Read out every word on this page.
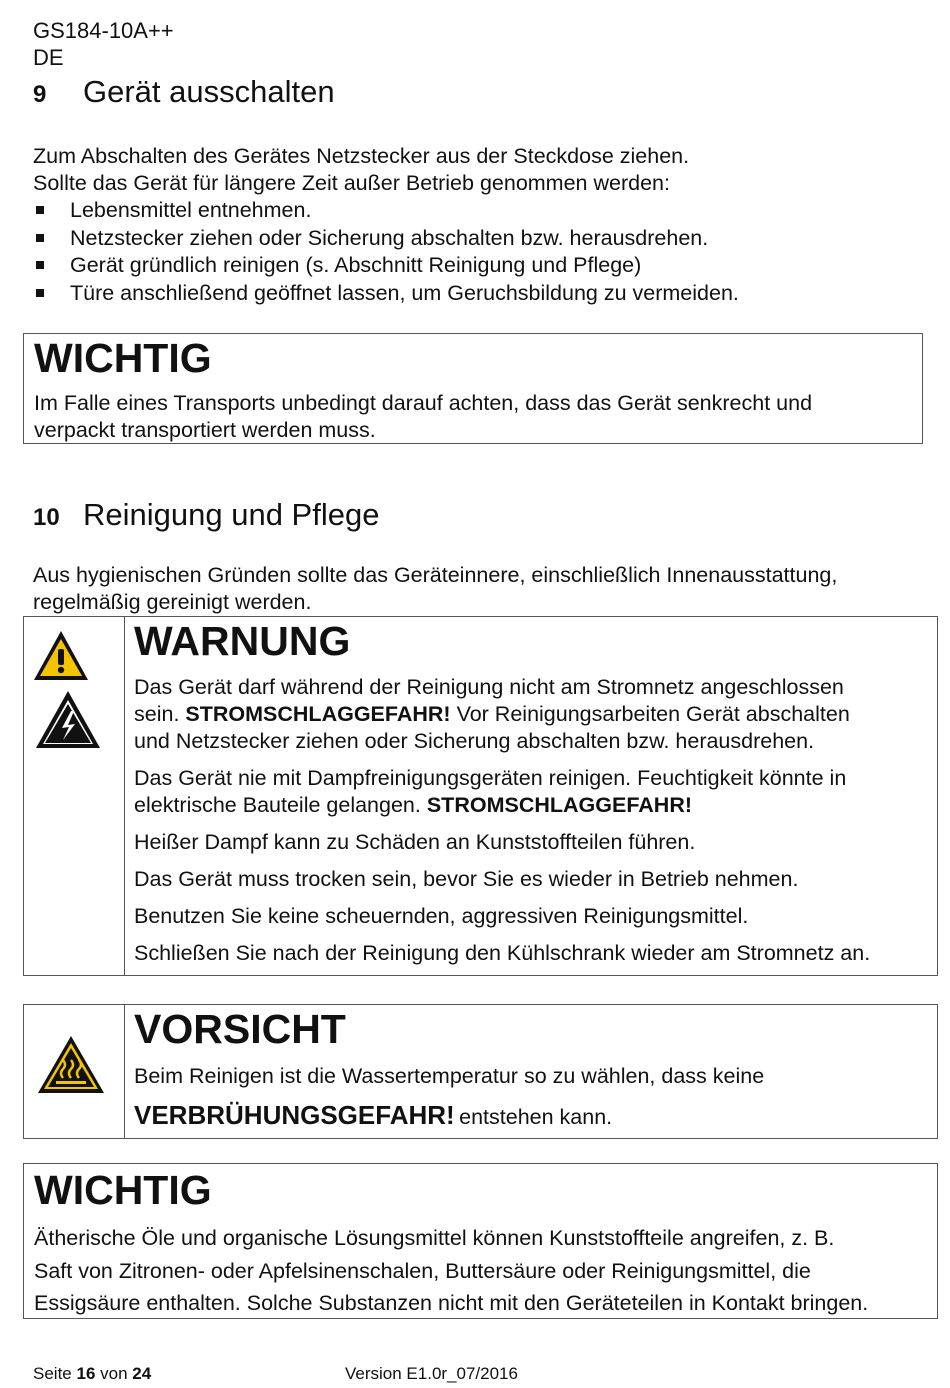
GS184-10A++
DE
9 Gerät ausschalten
Zum Abschalten des Gerätes Netzstecker aus der Steckdose ziehen.
Sollte das Gerät für längere Zeit außer Betrieb genommen werden:
Lebensmittel entnehmen.
Netzstecker ziehen oder Sicherung abschalten bzw. herausdrehen.
Gerät gründlich reinigen (s. Abschnitt Reinigung und Pflege)
Türe anschließend geöffnet lassen, um Geruchsbildung zu vermeiden.
WICHTIG
Im Falle eines Transports unbedingt darauf achten, dass das Gerät senkrecht und
verpackt transportiert werden muss.
10 Reinigung und Pflege
Aus hygienischen Gründen sollte das Geräteinnere, einschließlich Innenausstattung,
regelmäßig gereinigt werden.
WARNUNG
Das Gerät darf während der Reinigung nicht am Stromnetz angeschlossen
sein. STROMSCHLAGGEFAHR! Vor Reinigungsarbeiten Gerät abschalten
und Netzstecker ziehen oder Sicherung abschalten bzw. herausdrehen.
Das Gerät nie mit Dampfreinigungsgeräten reinigen. Feuchtigkeit könnte in
elektrische Bauteile gelangen. STROMSCHLAGGEFAHR!
Heißer Dampf kann zu Schäden an Kunststoffteilen führen.
Das Gerät muss trocken sein, bevor Sie es wieder in Betrieb nehmen.
Benutzen Sie keine scheuernden, aggressiven Reinigungsmittel.
Schließen Sie nach der Reinigung den Kühlschrank wieder am Stromnetz an.
VORSICHT
Beim Reinigen ist die Wassertemperatur so zu wählen, dass keine
VERBRÜHUNGSGEFAHR! entstehen kann.
WICHTIG
Ätherische Öle und organische Lösungsmittel können Kunststoffteile angreifen, z. B.
Saft von Zitronen- oder Apfelsinenschalen, Buttersäure oder Reinigungsmittel, die
Essigsäure enthalten. Solche Substanzen nicht mit den Geräteteilen in Kontakt bringen.
Seite 16 von 24	Version E1.0r_07/2016
